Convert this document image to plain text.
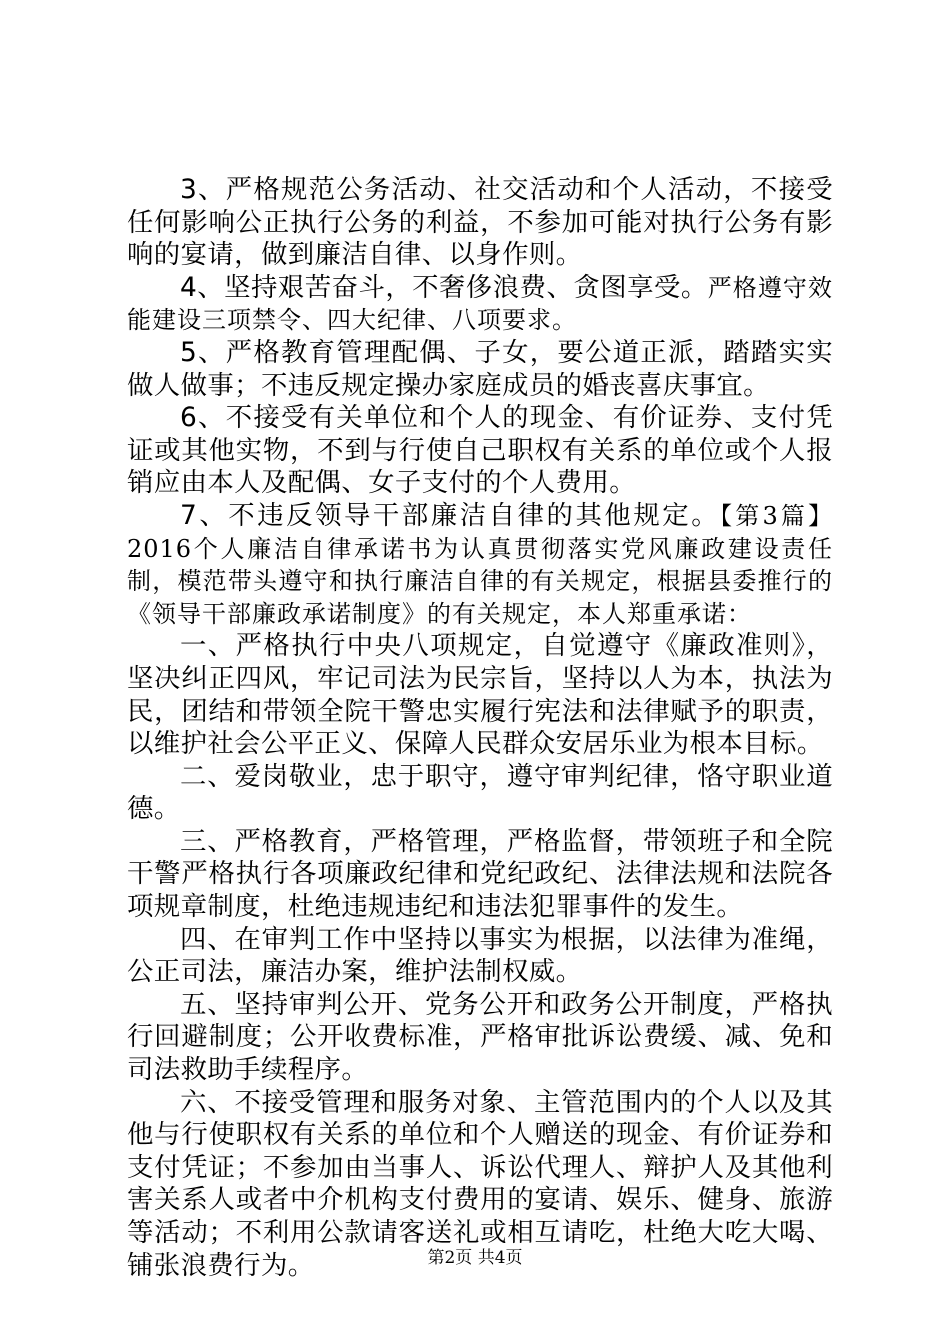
3、严格规范公务活动、社交活动和个人活动，不接受任何影响公正执行公务的利益，不参加可能对执行公务有影响的宴请，做到廉洁自律、以身作则。

4、坚持艰苦奋斗，不奢侈浪费、贪图享受。严格遵守效能建设三项禁令、四大纪律、八项要求。

5、严格教育管理配偶、子女，要公道正派，踏踏实实做人做事；不违反规定操办家庭成员的婚丧喜庆事宜。

6、不接受有关单位和个人的现金、有价证券、支付凭证或其他实物，不到与行使自己职权有关系的单位或个人报销应由本人及配偶、女子支付的个人费用。

7、不违反领导干部廉洁自律的其他规定。【第3篇】2016个人廉洁自律承诺书为认真贯彻落实党风廉政建设责任制，模范带头遵守和执行廉洁自律的有关规定，根据县委推行的《领导干部廉政承诺制度》的有关规定，本人郑重承诺：

一、严格执行中央八项规定，自觉遵守《廉政准则》，坚决纠正四风，牢记司法为民宗旨，坚持以人为本，执法为民，团结和带领全院干警忠实履行宪法和法律赋予的职责，以维护社会公平正义、保障人民群众安居乐业为根本目标。

二、爱岗敬业，忠于职守，遵守审判纪律，恪守职业道德。

三、严格教育，严格管理，严格监督，带领班子和全院干警严格执行各项廉政纪律和党纪政纪、法律法规和法院各项规章制度，杜绝违规违纪和违法犯罪事件的发生。

四、在审判工作中坚持以事实为根据，以法律为准绳，公正司法，廉洁办案，维护法制权威。

五、坚持审判公开、党务公开和政务公开制度，严格执行回避制度；公开收费标准，严格审批诉讼费缓、减、免和司法救助手续程序。

六、不接受管理和服务对象、主管范围内的个人以及其他与行使职权有关系的单位和个人赠送的现金、有价证券和支付凭证；不参加由当事人、诉讼代理人、辩护人及其他利害关系人或者中介机构支付费用的宴请、娱乐、健身、旅游等活动；不利用公款请客送礼或相互请吃，杜绝大吃大喝、铺张浪费行为。	第2页 共4页
